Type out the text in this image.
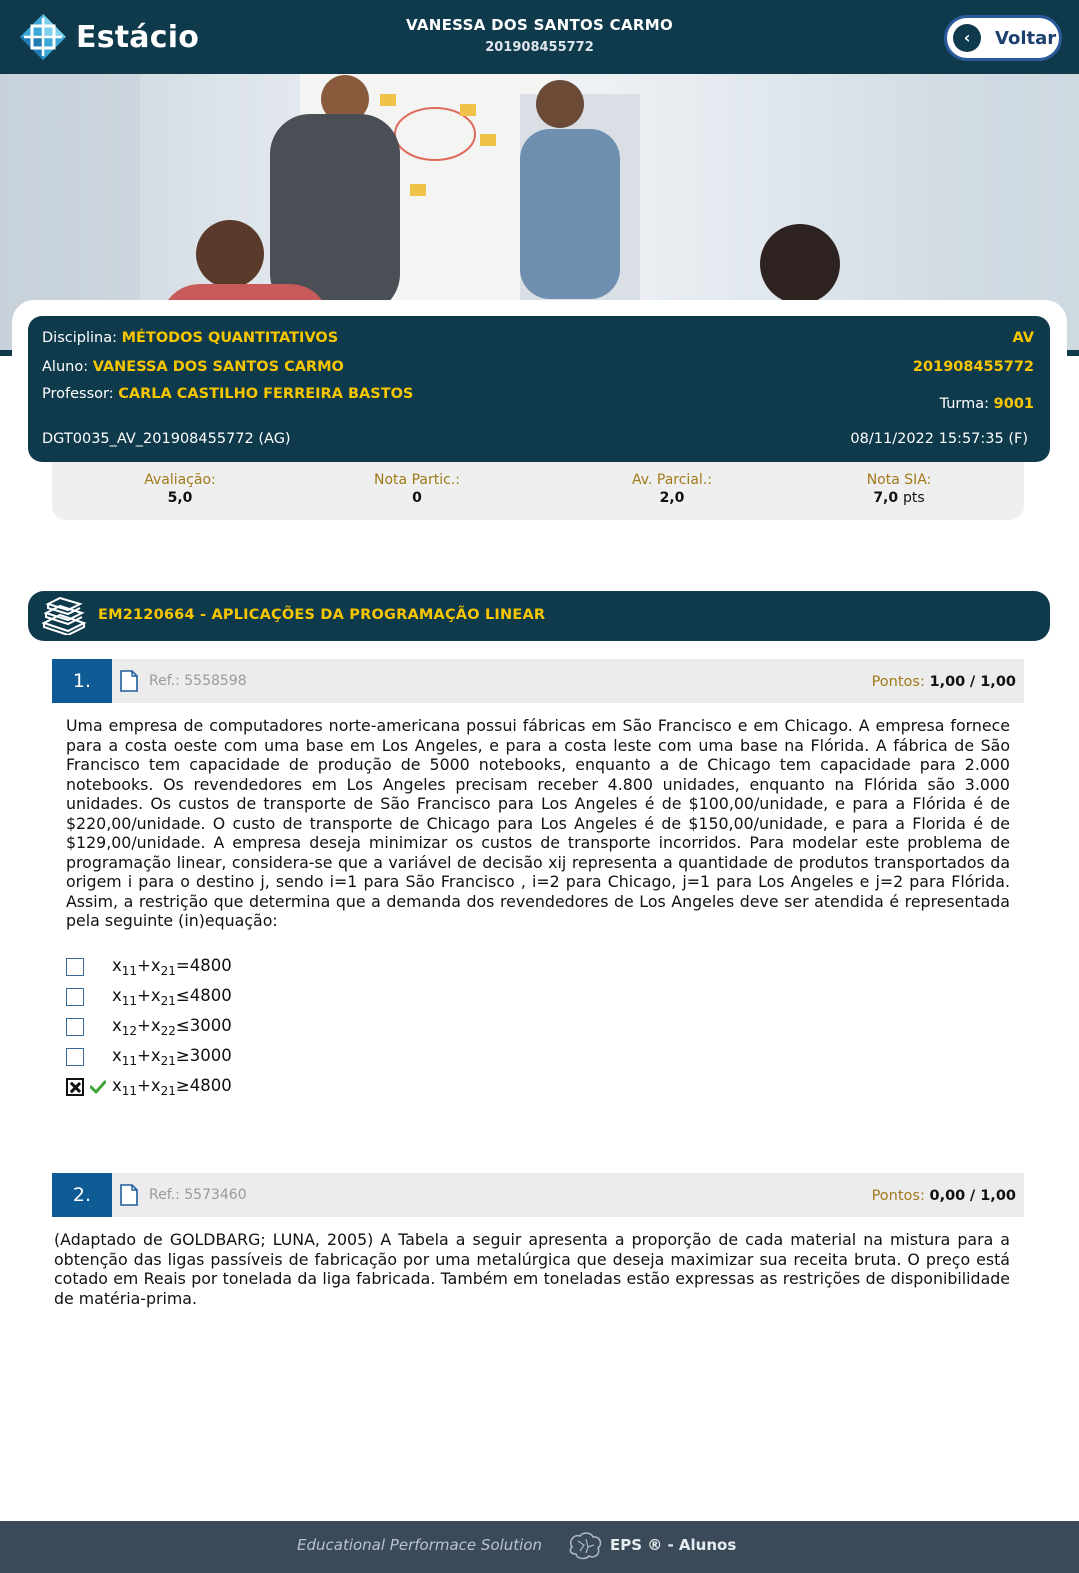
Estácio	VANESSA DOS SANTOS CARMO
201908455772
‹	Voltar
Disciplina: MÉTODOS QUANTITATIVOS	AV
Aluno: VANESSA DOS SANTOS CARMO	201908455772
Professor: CARLA CASTILHO FERREIRA BASTOS
Turma: 9001
DGT0035_AV_201908455772 (AG)	08/11/2022 15:57:35 (F)
Avaliação:
5,0
Nota Partic.:
0
Av. Parcial.:
2,0
Nota SIA:
7,0 pts
EM2120664 - APLICAÇÕES DA PROGRAMAÇÃO LINEAR
1.	Ref.: 5558598	Pontos: 1,00 / 1,00
Uma empresa de computadores norte-americana possui fábricas em São Francisco e em Chicago. A empresa fornece para a costa oeste com uma base em Los Angeles, e para a costa leste com uma base na Flórida. A fábrica de São Francisco tem capacidade de produção de 5000 notebooks, enquanto a de Chicago tem capacidade para 2.000 notebooks. Os revendedores em Los Angeles precisam receber 4.800 unidades, enquanto na Flórida são 3.000 unidades. Os custos de transporte de São Francisco para Los Angeles é de $100,00/unidade, e para a Flórida é de $220,00/unidade. O custo de transporte de Chicago para Los Angeles é de $150,00/unidade, e para a Florida é de $129,00/unidade. A empresa deseja minimizar os custos de transporte incorridos. Para modelar este problema de programação linear, considera-se que a variável de decisão xij representa a quantidade de produtos transportados da origem i para o destino j, sendo i=1 para São Francisco , i=2 para Chicago, j=1 para Los Angeles e j=2 para Flórida. Assim, a restrição que determina que a demanda dos revendedores de Los Angeles deve ser atendida é representada pela seguinte (in)equação:
$x_{11}+x_{21}=4800$
$x_{11}+x_{21}\le 4800$
$x_{12}+x_{22}\le 3000$
$x_{11}+x_{21}\ge 3000$
$x_{11}+x_{21}\ge 4800$
2.	Ref.: 5573460	Pontos: 0,00 / 1,00
(Adaptado de GOLDBARG; LUNA, 2005) A Tabela a seguir apresenta a proporção de cada material na mistura para a obtenção das ligas passíveis de fabricação por uma metalúrgica que deseja maximizar sua receita bruta. O preço está cotado em Reais por tonelada da liga fabricada. Também em toneladas estão expressas as restrições de disponibilidade de matéria-prima.
Educational Performace Solution	EPS ® - Alunos
